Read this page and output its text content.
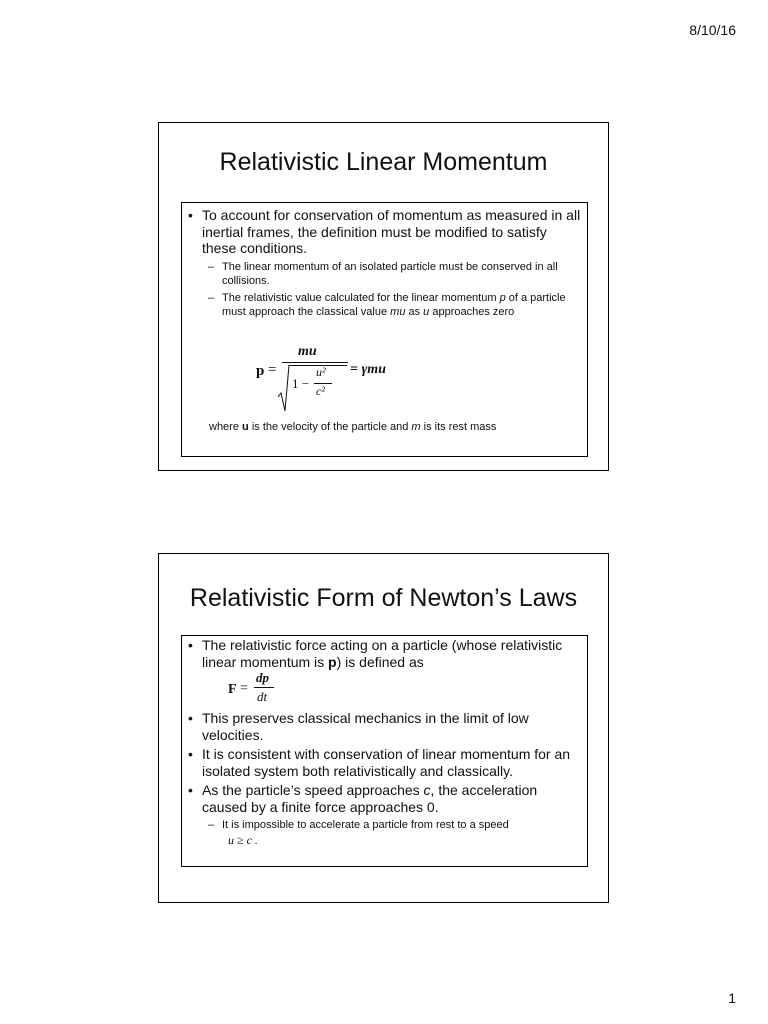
8/10/16
Relativistic Linear Momentum
• To account for conservation of momentum as measured in all inertial frames, the definition must be modified to satisfy these conditions.
– The linear momentum of an isolated particle must be conserved in all collisions.
– The relativistic value calculated for the linear momentum p of a particle must approach the classical value mu as u approaches zero
p =
mu
1 −
u²
c²
= γmu
where u is the velocity of the particle and m is its rest mass
Relativistic Form of Newton’s Laws
• The relativistic force acting on a particle (whose relativistic linear momentum is p) is defined as
F =
dp
dt
• This preserves classical mechanics in the limit of low velocities.
• It is consistent with conservation of linear momentum for an isolated system both relativistically and classically.
• As the particle’s speed approaches c, the acceleration caused by a finite force approaches 0.
– It is impossible to accelerate a particle from rest to a speed
u ≥ c .
1
